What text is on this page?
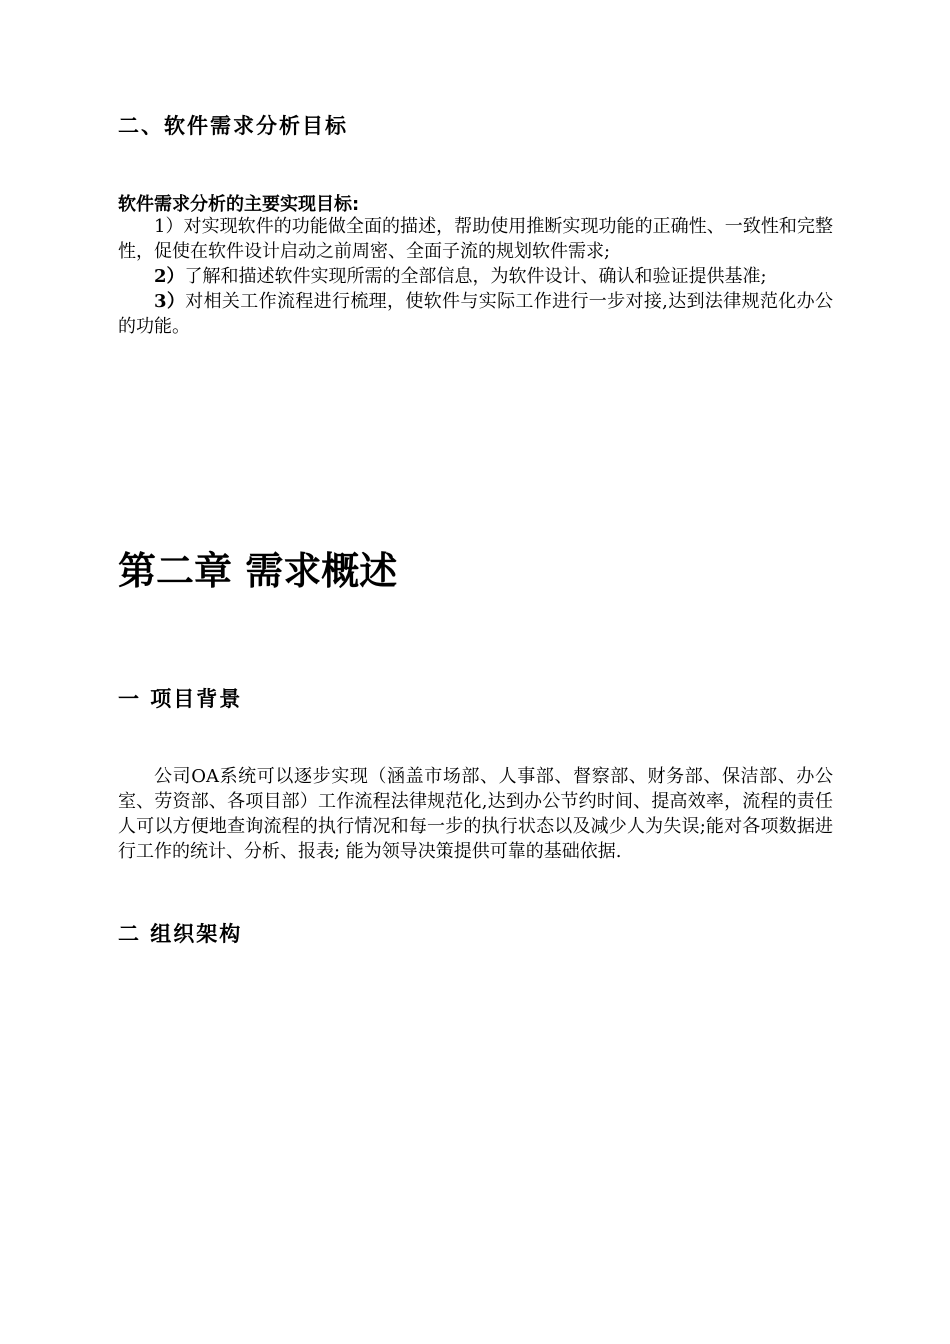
二、软件需求分析目标

软件需求分析的主要实现目标:

1）对实现软件的功能做全面的描述，帮助使用推断实现功能的正确性、一致性和完整性，促使在软件设计启动之前周密、全面子流的规划软件需求;

2）了解和描述软件实现所需的全部信息，为软件设计、确认和验证提供基准;

3）对相关工作流程进行梳理，使软件与实际工作进行一步对接,达到法律规范化办公的功能。

第二章 需求概述
一 项目背景

公司OA系统可以逐步实现（涵盖市场部、人事部、督察部、财务部、保洁部、办公室、劳资部、各项目部）工作流程法律规范化,达到办公节约时间、提高效率，流程的责任人可以方便地查询流程的执行情况和每一步的执行状态以及减少人为失误;能对各项数据进行工作的统计、分析、报表; 能为领导决策提供可靠的基础依据.

二 组织架构
